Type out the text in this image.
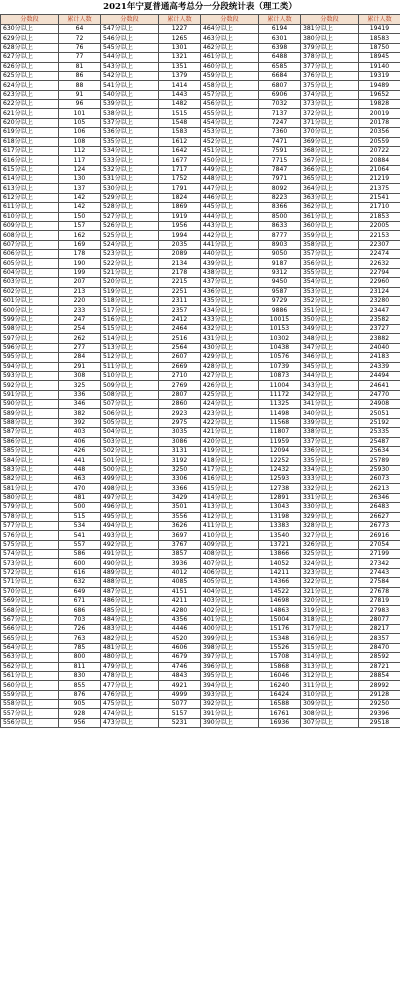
2021年宁夏普通高考总分一分段统计表（理工类）
分数段	累计人数	分数段	累计人数	分数段	累计人数	分数段	累计人数
630分以上	64	547分以上	1227	464分以上	6194	381分以上	19419
629分以上	72	546分以上	1265	463分以上	6301	380分以上	18583
628分以上	76	545分以上	1301	462分以上	6398	379分以上	18750
627分以上	77	544分以上	1321	461分以上	6488	378分以上	18945
626分以上	81	543分以上	1351	460分以上	6585	377分以上	19140
625分以上	86	542分以上	1379	459分以上	6684	376分以上	19319
624分以上	88	541分以上	1414	458分以上	6807	375分以上	19489
623分以上	91	540分以上	1443	457分以上	6906	374分以上	19652
622分以上	96	539分以上	1482	456分以上	7032	373分以上	19828
621分以上	101	538分以上	1515	455分以上	7137	372分以上	20019
620分以上	105	537分以上	1548	454分以上	7247	371分以上	20178
619分以上	106	536分以上	1583	453分以上	7360	370分以上	20356
618分以上	108	535分以上	1612	452分以上	7471	369分以上	20559
617分以上	112	534分以上	1642	451分以上	7591	368分以上	20722
616分以上	117	533分以上	1677	450分以上	7715	367分以上	20884
615分以上	124	532分以上	1717	449分以上	7847	366分以上	21064
614分以上	130	531分以上	1752	448分以上	7971	365分以上	21219
613分以上	137	530分以上	1791	447分以上	8092	364分以上	21375
612分以上	142	529分以上	1824	446分以上	8223	363分以上	21541
611分以上	142	528分以上	1869	445分以上	8366	362分以上	21710
610分以上	150	527分以上	1919	444分以上	8500	361分以上	21853
609分以上	157	526分以上	1956	443分以上	8633	360分以上	22005
608分以上	162	525分以上	1994	442分以上	8777	359分以上	22153
607分以上	169	524分以上	2035	441分以上	8903	358分以上	22307
606分以上	178	523分以上	2089	440分以上	9050	357分以上	22474
605分以上	190	522分以上	2134	439分以上	9187	356分以上	22632
604分以上	199	521分以上	2178	438分以上	9312	355分以上	22794
603分以上	207	520分以上	2215	437分以上	9450	354分以上	22960
602分以上	213	519分以上	2251	436分以上	9587	353分以上	23124
601分以上	220	518分以上	2311	435分以上	9729	352分以上	23280
600分以上	233	517分以上	2357	434分以上	9886	351分以上	23447
599分以上	247	516分以上	2412	433分以上	10015	350分以上	23582
598分以上	254	515分以上	2464	432分以上	10153	349分以上	23727
597分以上	262	514分以上	2516	431分以上	10302	348分以上	23882
596分以上	277	513分以上	2564	430分以上	10438	347分以上	24040
595分以上	284	512分以上	2607	429分以上	10576	346分以上	24183
594分以上	291	511分以上	2669	428分以上	10739	345分以上	24339
593分以上	308	510分以上	2710	427分以上	10873	344分以上	24494
592分以上	325	509分以上	2769	426分以上	11004	343分以上	24641
591分以上	336	508分以上	2807	425分以上	11172	342分以上	24770
590分以上	346	507分以上	2860	424分以上	11325	341分以上	24908
589分以上	382	506分以上	2923	423分以上	11498	340分以上	25051
588分以上	392	505分以上	2975	422分以上	11568	339分以上	25192
587分以上	403	504分以上	3035	421分以上	11807	338分以上	25335
586分以上	406	503分以上	3086	420分以上	11959	337分以上	25487
585分以上	426	502分以上	3131	419分以上	12094	336分以上	25634
584分以上	441	501分以上	3192	418分以上	12252	335分以上	25789
583分以上	448	500分以上	3250	417分以上	12432	334分以上	25930
582分以上	463	499分以上	3306	416分以上	12593	333分以上	26073
581分以上	470	498分以上	3366	415分以上	12738	332分以上	26213
580分以上	481	497分以上	3429	414分以上	12891	331分以上	26346
579分以上	500	496分以上	3501	413分以上	13043	330分以上	26483
578分以上	515	495分以上	3556	412分以上	13198	329分以上	26627
577分以上	534	494分以上	3626	411分以上	13383	328分以上	26773
576分以上	541	493分以上	3697	410分以上	13540	327分以上	26916
575分以上	557	492分以上	3767	409分以上	13721	326分以上	27054
574分以上	586	491分以上	3857	408分以上	13866	325分以上	27199
573分以上	600	490分以上	3936	407分以上	14052	324分以上	27342
572分以上	616	489分以上	4012	406分以上	14211	323分以上	27443
571分以上	632	488分以上	4085	405分以上	14366	322分以上	27584
570分以上	649	487分以上	4151	404分以上	14522	321分以上	27678
569分以上	671	486分以上	4211	403分以上	14698	320分以上	27819
568分以上	686	485分以上	4280	402分以上	14863	319分以上	27983
567分以上	703	484分以上	4356	401分以上	15004	318分以上	28077
566分以上	726	483分以上	4446	400分以上	15176	317分以上	28217
565分以上	763	482分以上	4520	399分以上	15348	316分以上	28357
564分以上	785	481分以上	4606	398分以上	15526	315分以上	28470
563分以上	800	480分以上	4679	397分以上	15708	314分以上	28592
562分以上	811	479分以上	4746	396分以上	15868	313分以上	28721
561分以上	830	478分以上	4843	395分以上	16046	312分以上	28854
560分以上	855	477分以上	4921	394分以上	16240	311分以上	28992
559分以上	876	476分以上	4999	393分以上	16424	310分以上	29128
558分以上	905	475分以上	5077	392分以上	16588	309分以上	29250
557分以上	928	474分以上	5157	391分以上	16761	308分以上	29396
556分以上	956	473分以上	5231	390分以上	16936	307分以上	29518
